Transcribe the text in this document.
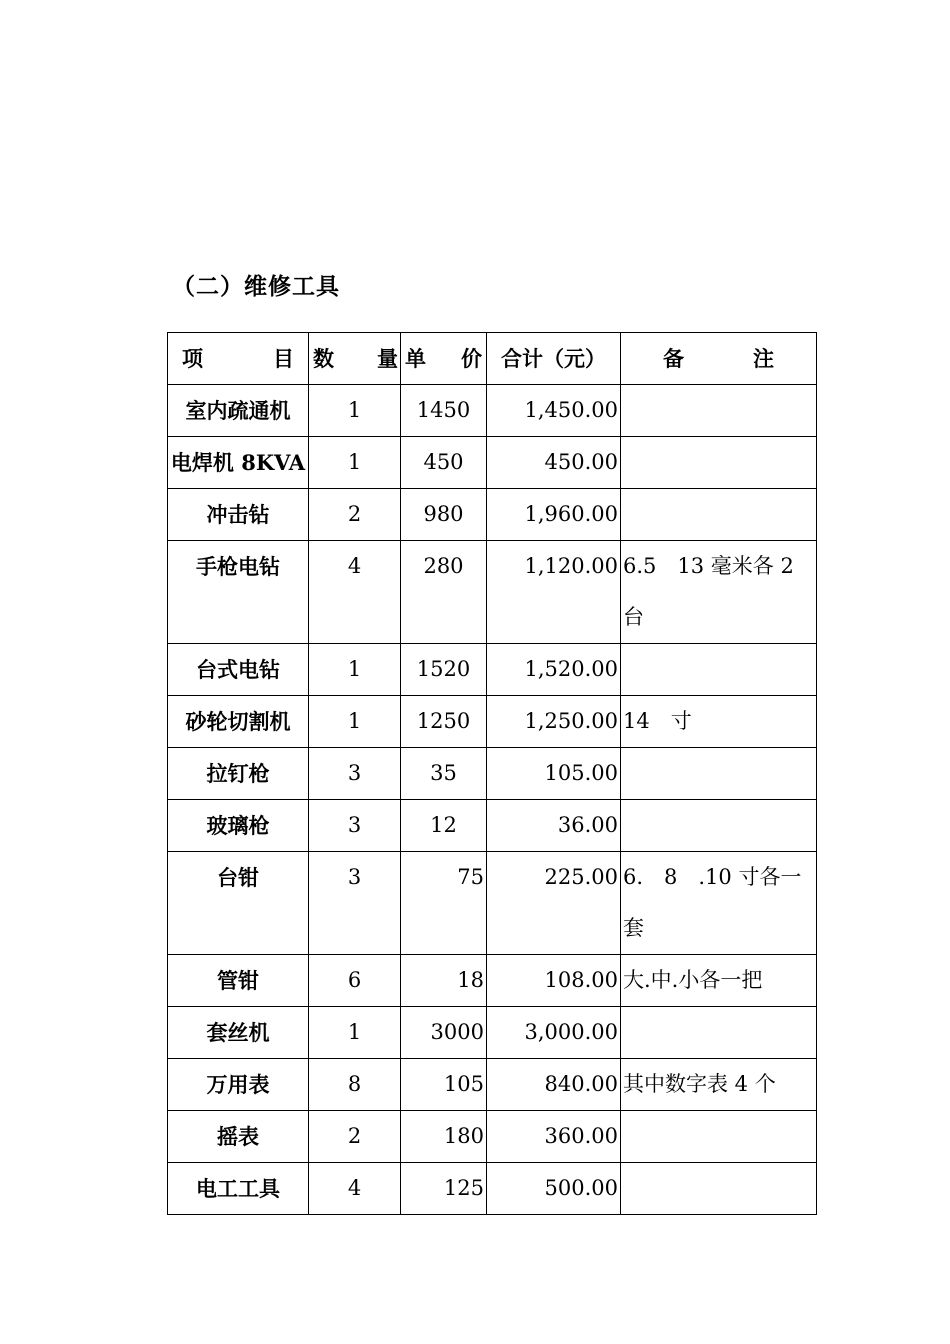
（二）维修工具
项 目	数 量	单 价	合计（元）	备 注

室内疏通机	1	1450	1,450.00	
电焊机 8KVA	1	450	450.00	
冲击钻	2	980	1,960.00	
手枪电钻	4	280	1,120.00	6.5　13 毫米各 2 台
台式电钻	1	1520	1,520.00	
砂轮切割机	1	1250	1,250.00	14　寸
拉钉枪	3	35	105.00	
玻璃枪	3	12	36.00	
台钳	3	75	225.00	6.　8　.10 寸各一套
管钳	6	18	108.00	大.中.小各一把
套丝机	1	3000	3,000.00	
万用表	8	105	840.00	其中数字表 4 个
摇表	2	180	360.00	
电工工具	4	125	500.00	
